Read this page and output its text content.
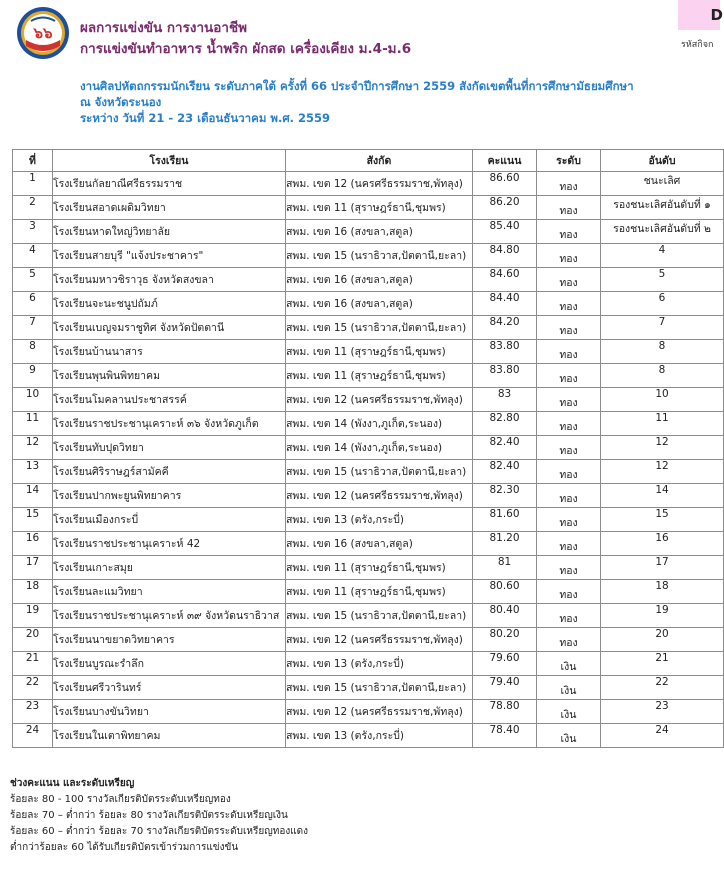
๖๖ ผลการแข่งขัน การงานอาชีพ
การแข่งขันทำอาหาร น้ำพริก ผักสด เครื่องเคียง ม.4-ม.6
D
รหัสกิจก
งานศิลปหัตถกรรมนักเรียน ระดับภาคใต้ ครั้งที่ 66 ประจำปีการศึกษา 2559 สังกัดเขตพื้นที่การศึกษามัธยมศึกษา
ณ จังหวัดระนอง
ระหว่าง วันที่ 21 - 23 เดือนธันวาคม พ.ศ. 2559
ที่	โรงเรียน	สังกัด	คะแนน	ระดับ	อันดับ
1	โรงเรียนกัลยาณีศรีธรรมราช	สพม. เขต 12 (นครศรีธรรมราช,พัทลุง)	86.60	ทอง	ชนะเลิศ
2	โรงเรียนสอาดเผดิมวิทยา	สพม. เขต 11 (สุราษฎร์ธานี,ชุมพร)	86.20	ทอง	รองชนะเลิศอันดับที่ ๑
3	โรงเรียนหาดใหญ่วิทยาลัย	สพม. เขต 16 (สงขลา,สตูล)	85.40	ทอง	รองชนะเลิศอันดับที่ ๒
4	โรงเรียนสายบุรี "แจ้งประชาคาร"	สพม. เขต 15 (นราธิวาส,ปัตตานี,ยะลา)	84.80	ทอง	4
5	โรงเรียนมหาวชิราวุธ จังหวัดสงขลา	สพม. เขต 16 (สงขลา,สตูล)	84.60	ทอง	5
6	โรงเรียนจะนะชนูปถัมภ์	สพม. เขต 16 (สงขลา,สตูล)	84.40	ทอง	6
7	โรงเรียนเบญจมราชูทิศ จังหวัดปัตตานี	สพม. เขต 15 (นราธิวาส,ปัตตานี,ยะลา)	84.20	ทอง	7
8	โรงเรียนบ้านนาสาร	สพม. เขต 11 (สุราษฎร์ธานี,ชุมพร)	83.80	ทอง	8
9	โรงเรียนพุนพินพิทยาคม	สพม. เขต 11 (สุราษฎร์ธานี,ชุมพร)	83.80	ทอง	8
10	โรงเรียนโมคลานประชาสรรค์	สพม. เขต 12 (นครศรีธรรมราช,พัทลุง)	83	ทอง	10
11	โรงเรียนราชประชานุเคราะห์ ๓๖ จังหวัดภูเก็ต	สพม. เขต 14 (พังงา,ภูเก็ต,ระนอง)	82.80	ทอง	11
12	โรงเรียนทับปุดวิทยา	สพม. เขต 14 (พังงา,ภูเก็ต,ระนอง)	82.40	ทอง	12
13	โรงเรียนศิริราษฎร์สามัคคี	สพม. เขต 15 (นราธิวาส,ปัตตานี,ยะลา)	82.40	ทอง	12
14	โรงเรียนปากพะยูนพิทยาคาร	สพม. เขต 12 (นครศรีธรรมราช,พัทลุง)	82.30	ทอง	14
15	โรงเรียนเมืองกระบี่	สพม. เขต 13 (ตรัง,กระบี่)	81.60	ทอง	15
16	โรงเรียนราชประชานุเคราะห์ 42	สพม. เขต 16 (สงขลา,สตูล)	81.20	ทอง	16
17	โรงเรียนเกาะสมุย	สพม. เขต 11 (สุราษฎร์ธานี,ชุมพร)	81	ทอง	17
18	โรงเรียนละแมวิทยา	สพม. เขต 11 (สุราษฎร์ธานี,ชุมพร)	80.60	ทอง	18
19	โรงเรียนราชประชานุเคราะห์ ๓๙ จังหวัดนราธิวาส	สพม. เขต 15 (นราธิวาส,ปัตตานี,ยะลา)	80.40	ทอง	19
20	โรงเรียนนาขยาดวิทยาคาร	สพม. เขต 12 (นครศรีธรรมราช,พัทลุง)	80.20	ทอง	20
21	โรงเรียนบูรณะรำลึก	สพม. เขต 13 (ตรัง,กระบี่)	79.60	เงิน	21
22	โรงเรียนศรีวารินทร์	สพม. เขต 15 (นราธิวาส,ปัตตานี,ยะลา)	79.40	เงิน	22
23	โรงเรียนบางขันวิทยา	สพม. เขต 12 (นครศรีธรรมราช,พัทลุง)	78.80	เงิน	23
24	โรงเรียนในเตาพิทยาคม	สพม. เขต 13 (ตรัง,กระบี่)	78.40	เงิน	24
ช่วงคะแนน และระดับเหรียญ
ร้อยละ 80 - 100 รางวัลเกียรติบัตรระดับเหรียญทอง
ร้อยละ 70 – ต่ำกว่า ร้อยละ 80 รางวัลเกียรติบัตรระดับเหรียญเงิน
ร้อยละ 60 – ต่ำกว่า ร้อยละ 70 รางวัลเกียรติบัตรระดับเหรียญทองแดง
ต่ำกว่าร้อยละ 60 ได้รับเกียรติบัตรเข้าร่วมการแข่งขัน
